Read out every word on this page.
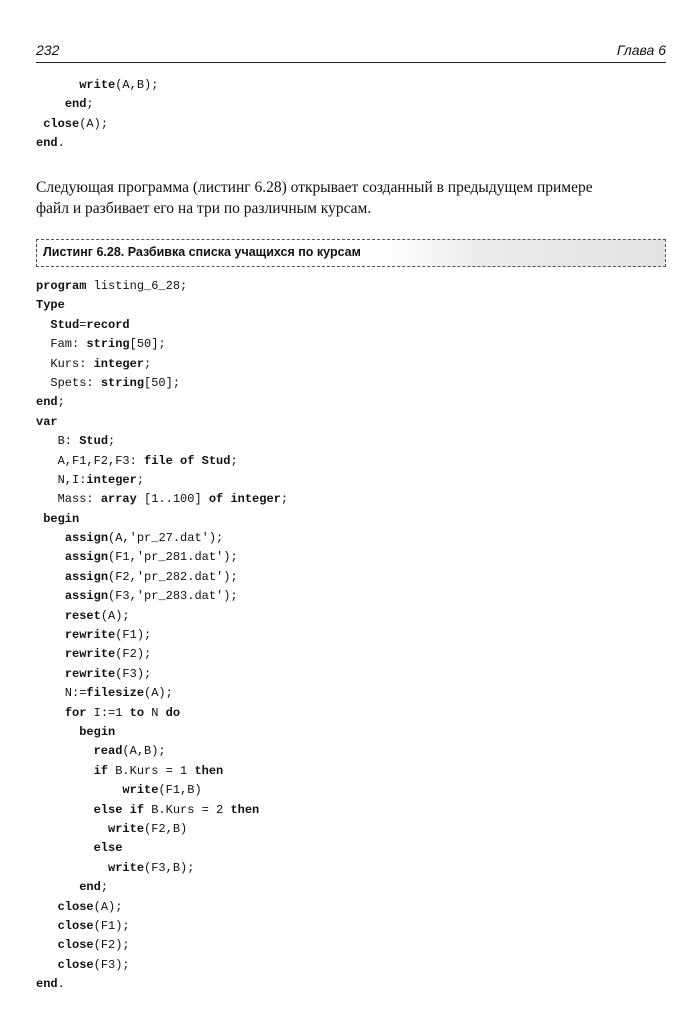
232	Глава 6
write(A,B);
end;
close(A);
end.
Следующая программа (листинг 6.28) открывает созданный в предыдущем примере
файл и разбивает его на три по различным курсам.
Листинг 6.28. Разбивка списка учащихся по курсам
program listing_6_28;
Type
Stud=record
Fam: string[50];
Kurs: integer;
Spets: string[50];
end;
var
B: Stud;
A,F1,F2,F3: file of Stud;
N,I:integer;
Mass: array [1..100] of integer;
begin
assign(A,'pr_27.dat');
assign(F1,'pr_281.dat');
assign(F2,'pr_282.dat');
assign(F3,'pr_283.dat');
reset(A);
rewrite(F1);
rewrite(F2);
rewrite(F3);
N:=filesize(A);
for I:=1 to N do
begin
read(A,B);
if B.Kurs = 1 then
write(F1,B)
else if B.Kurs = 2 then
write(F2,B)
else
write(F3,B);
end;
close(A);
close(F1);
close(F2);
close(F3);
end.
